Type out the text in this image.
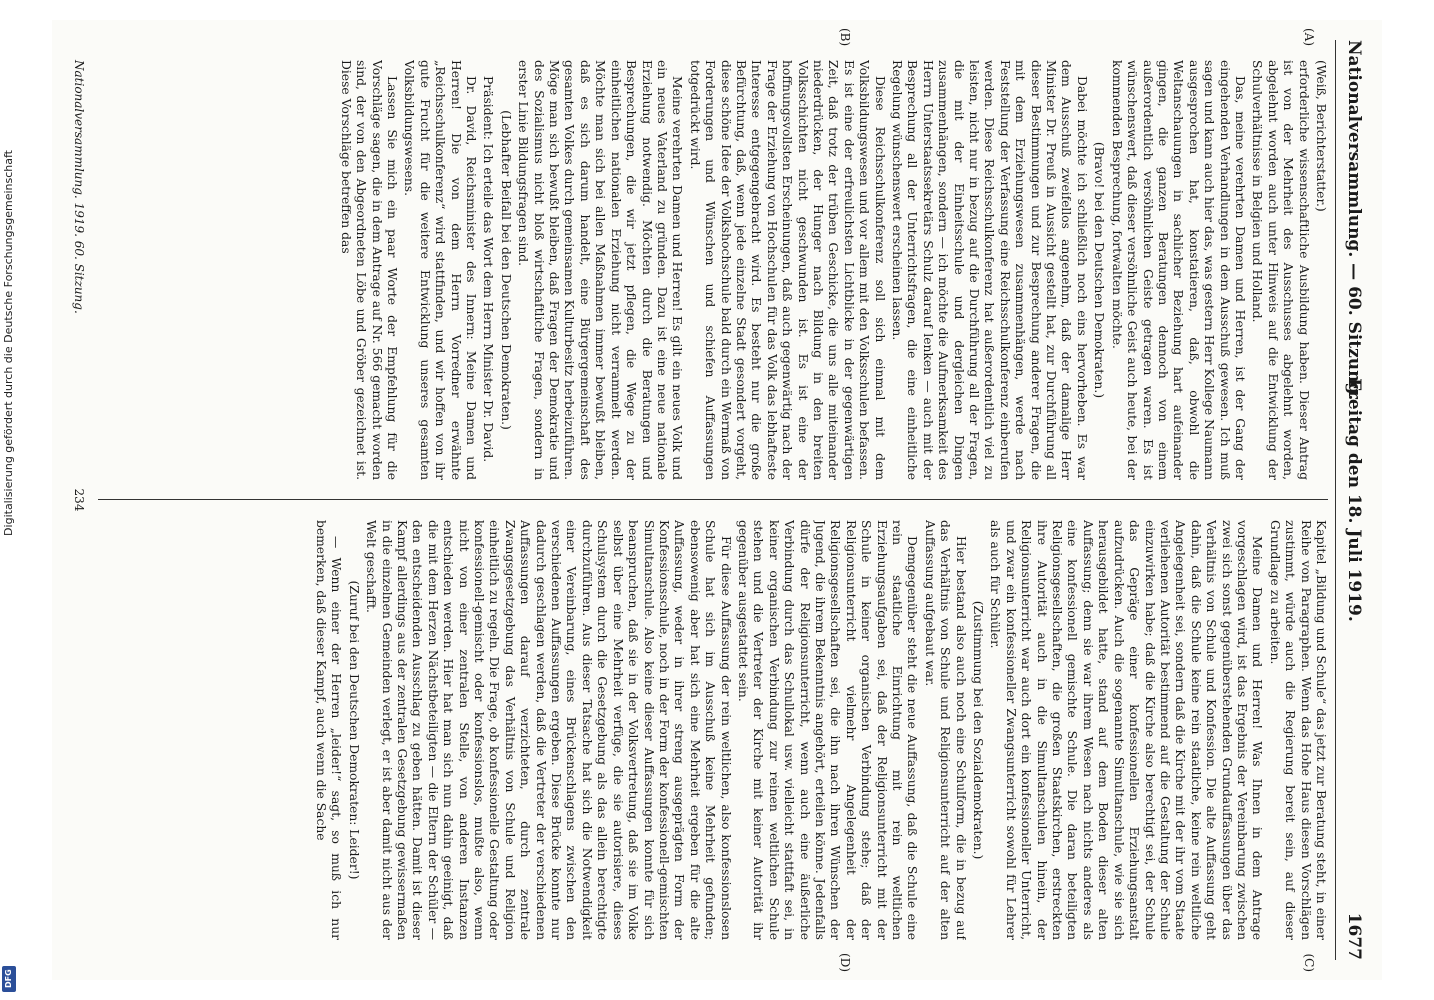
Nationalversammlung. — 60. Sitzung.
Freitag den 18. Juli 1919.
1677
(A)
(B)
(C)
(D)

(Weiß, Berichterstatter.)

erforderliche wissenschaftliche Ausbildung haben. Dieser Antrag ist von der Mehrheit des Ausschusses abgelehnt worden, abgelehnt worden auch unter Hinweis auf die Entwicklung der Schulverhältnisse in Belgien und Holland.

Das, meine verehrten Damen und Herren, ist der Gang der eingehenden Verhandlungen in dem Ausschuß gewesen. Ich muß sagen und kann auch hier das, was gestern Herr Kollege Naumann ausgesprochen hat, konstatieren, daß, obwohl die Weltanschauungen in sachlicher Beziehung hart aufeinander gingen, die ganzen Beratungen dennoch von einem außerordentlich versöhnlichen Geiste getragen waren. Es ist wünschenswert, daß dieser versöhnliche Geist auch heute, bei der kommenden Besprechung, fortwalten möchte.

(Bravo! bei den Deutschen Demokraten.)

Dabei möchte ich schließlich noch eins hervorheben. Es war dem Ausschuß zweifellos angenehm, daß der damalige Herr Minister Dr. Preuß in Aussicht gestellt hat, zur Durchführung all dieser Bestimmungen und zur Besprechung anderer Fragen, die mit dem Erziehungswesen zusammenhängen, werde nach Feststellung der Verfassung eine Reichsschulkonferenz einberufen werden. Diese Reichsschulkonferenz hat außerordentlich viel zu leisten, nicht nur in bezug auf die Durchführung all der Fragen, die mit der Einheitsschule und dergleichen Dingen zusammenhängen, sondern — ich möchte die Aufmerksamkeit des Herrn Unterstaatssekretärs Schulz darauf lenken — auch mit der Besprechung all der Unterrichtsfragen, die eine einheitliche Regelung wünschenswert erscheinen lassen.

Diese Reichsschulkonferenz soll sich einmal mit dem Volksbildungswesen und vor allem mit den Volksschulen befassen. Es ist eine der erfreulichsten Lichtblicke in der gegenwärtigen Zeit, daß trotz der trüben Geschicke, die uns alle miteinander niederdrücken, der Hunger nach Bildung in den breiten Volksschichten nicht geschwunden ist. Es ist eine der hoffnungsvollsten Erscheinungen, daß auch gegenwärtig nach der Frage der Erziehung von Hochschulen für das Volk das lebhafteste Interesse entgegengebracht wird. Es besteht nur die große Befürchtung, daß, wenn jede einzelne Stadt gesondert vorgeht, diese schöne Idee der Volkshochschule bald durch ein Wermaß von Forderungen und Wünschen und schiefen Auffassungen totgedrückt wird.

Meine verehrten Damen und Herren! Es gilt ein neues Volk und ein neues Vaterland zu gründen. Dazu ist eine neue nationale Erziehung notwendig. Möchten durch die Beratungen und Besprechungen, die wir jetzt pflegen, die Wege zu der einheitlichen nationalen Erziehung nicht verrammelt werden. Möchte man sich bei allen Maßnahmen immer bewußt bleiben, daß es sich darum handelt, eine Bürgergemeinschaft des gesamten Volkes durch gemeinsamen Kulturbesitz herbeizuführen. Möge man sich bewußt bleiben, daß Fragen der Demokratie und des Sozialismus nicht bloß wirtschaftliche Fragen, sondern in erster Linie Bildungsfragen sind.

(Lebhafter Beifall bei den Deutschen Demokraten.)

Präsident: Ich erteile das Wort dem Herrn Minister Dr. David.

Dr. David, Reichsminister des Innern: Meine Damen und Herren! Die von dem Herrn Vorredner erwähnte „Reichsschulkonferenz“ wird stattfinden, und wir hoffen von ihr gute Frucht für die weitere Entwicklung unseres gesamten Volksbildungswesens.

Lassen Sie mich ein paar Worte der Empfehlung für die Vorschläge sagen, die in dem Antrage auf Nr. 566 gemacht worden sind, der von den Abgeordneten Löbe und Gröber gezeichnet ist. Diese Vorschläge betreffen das

Kapitel „Bildung und Schule“ das jetzt zur Beratung steht, in einer Reihe von Paragraphen. Wenn das Hohe Haus diesen Vorschlägen zustimmt, würde auch die Regierung bereit sein, auf dieser Grundlage zu arbeiten.

Meine Damen und Herren! Was Ihnen in dem Antrage vorgeschlagen wird, ist das Ergebnis der Vereinbarung zwischen zwei sich sonst gegenüberstehenden Grundauffassungen über das Verhältnis von Schule und Konfession. Die alte Auffassung geht dahin, daß die Schule keine rein staatliche, keine rein weltliche Angelegenheit sei, sondern daß die Kirche mit der ihr vom Staate verliehenen Autorität bestimmend auf die Gestaltung der Schule einzuwirken habe; daß die Kirche also berechtigt sei, der Schule das Gepräge einer konfessionellen Erziehungsanstalt aufzudrücken. Auch die sogenannte Simultanschule, wie sie sich herausgebildet hatte, stand auf dem Boden dieser alten Auffassung; denn sie war ihrem Wesen nach nichts anderes als eine konfessionell gemischte Schule. Die daran beteiligten Religionsgesellschaften, die großen Staatskirchen, erstreckten ihre Autorität auch in die Simultanschulen hinein, der Religionsunterricht war auch dort ein konfessioneller Unterricht, und zwar ein konfessioneller Zwangsunterricht sowohl für Lehrer als auch für Schüler.

(Zustimmung bei den Sozialdemokraten.)

Hier bestand also auch noch eine Schulform, die in bezug auf das Verhältnis von Schule und Religionsunterricht auf der alten Auffassung aufgebaut war.

Demgegenüber steht die neue Auffassung, daß die Schule eine rein staatliche Einrichtung mit rein weltlichen Erziehungsaufgaben sei, daß der Religionsunterricht mit der Schule in keiner organischen Verbindung stehe; daß der Religionsunterricht vielmehr Angelegenheit der Religionsgesellschaften sei, die ihn nach ihren Wünschen der Jugend, die ihrem Bekenntnis angehört, erteilen könne. Jedenfalls dürfe der Religionsunterricht, wenn auch eine äußerliche Verbindung durch das Schullokal usw. vielleicht stattfaft sei, in keiner organischen Verbindung zur reinen weltlichen Schule stehen und die Vertreter der Kirche mit keiner Autorität ihr gegenüber ausgestattet sein.

Für diese Auffassung der rein weltlichen, also konfessionslosen Schule hat sich im Ausschuß keine Mehrheit gefunden; ebensowenig aber hat sich eine Mehrheit ergeben für die alte Auffassung, weder in ihrer streng ausgeprägten Form der Konfessionsschule, noch in der Form der konfessionell-gemischten Simultanschule. Also keine dieser Auffassungen konnte für sich beanspruchen, daß sie in der Volksvertretung, daß sie im Volke selbst über eine Mehrheit verfüge, die sie autorisiere, dieses Schulsystem durch die Gesetzgebung als das allein berechtigte durchzuführen. Aus dieser Tatsache hat sich die Notwendigkeit einer Vereinbarung, eines Brückenschlagens zwischen den verschiedenen Auffassungen ergeben. Diese Brücke konnte nur dadurch geschlagen werden, daß die Vertreter der verschiedenen Auffassungen darauf verzichteten, durch zentrale Zwangsgesetzgebung das Verhältnis von Schule und Religion einheitlich zu regeln. Die Frage, ob konfessionelle Gestaltung oder konfessionell-gemischt oder konfessionslos, mußte also, wenn nicht von einer zentralen Stelle, von anderen Instanzen entschieden werden. Hier hat man sich nun dahin geeinigt, daß die mit dem Herzen Nächstbeteiligten — die Eltern der Schüler — den entscheidenden Ausschlag zu geben hätten. Damit ist dieser Kampf allerdings aus der zentralen Gesetzgebung gewissermaßen in die einzelnen Gemeinden verlegt, er ist aber damit nicht aus der Welt geschafft.

(Zuruf bei den Deutschen Demokraten: Leider!)

— Wenn einer der Herren „leider!“ sagt, so muß ich nur bemerken, daß dieser Kampf, auch wenn die Sache

Nationalversammlung. 1919. 60. Sitzung.
234
Digitalisierung gefördert durch die Deutsche Forschungsgemeinschaft
DFG
